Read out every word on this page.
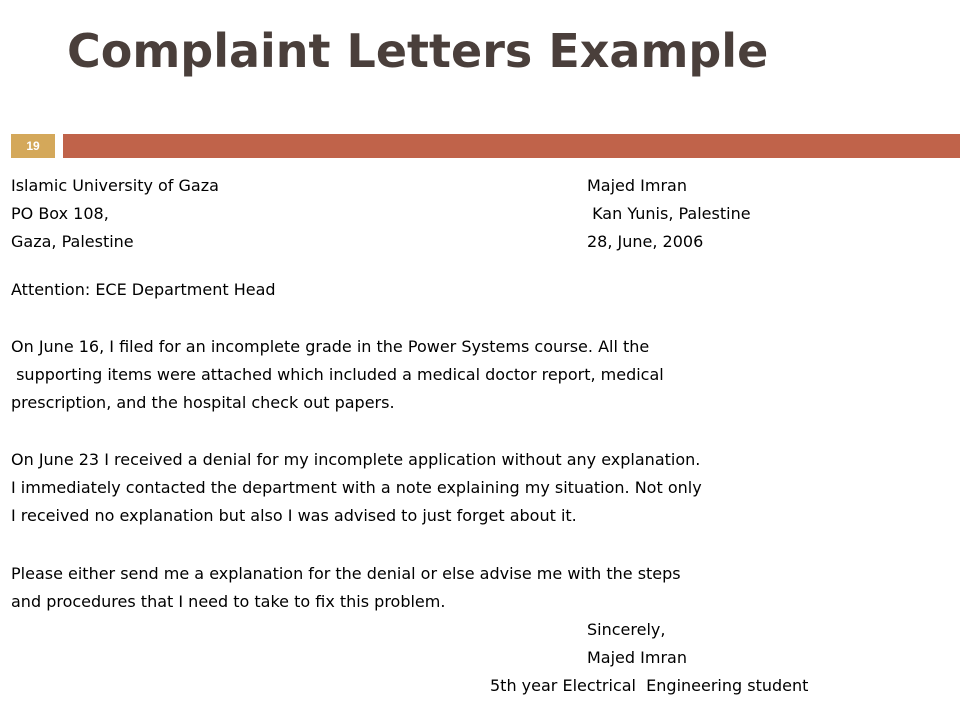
Complaint Letters Example
19
Islamic University of Gaza
PO Box 108,
Gaza, Palestine
Majed Imran
Kan Yunis, Palestine
28, June, 2006
Attention: ECE Department Head
On June 16, I filed for an incomplete grade in the Power Systems course. All the
supporting items were attached which included a medical doctor report, medical
prescription, and the hospital check out papers.
On June 23 I received a denial for my incomplete application without any explanation.
I immediately contacted the department with a note explaining my situation. Not only
I received no explanation but also I was advised to just forget about it.
Please either send me a explanation for the denial or else advise me with the steps
and procedures that I need to take to fix this problem.
Sincerely,
Majed Imran
5th year Electrical  Engineering student
